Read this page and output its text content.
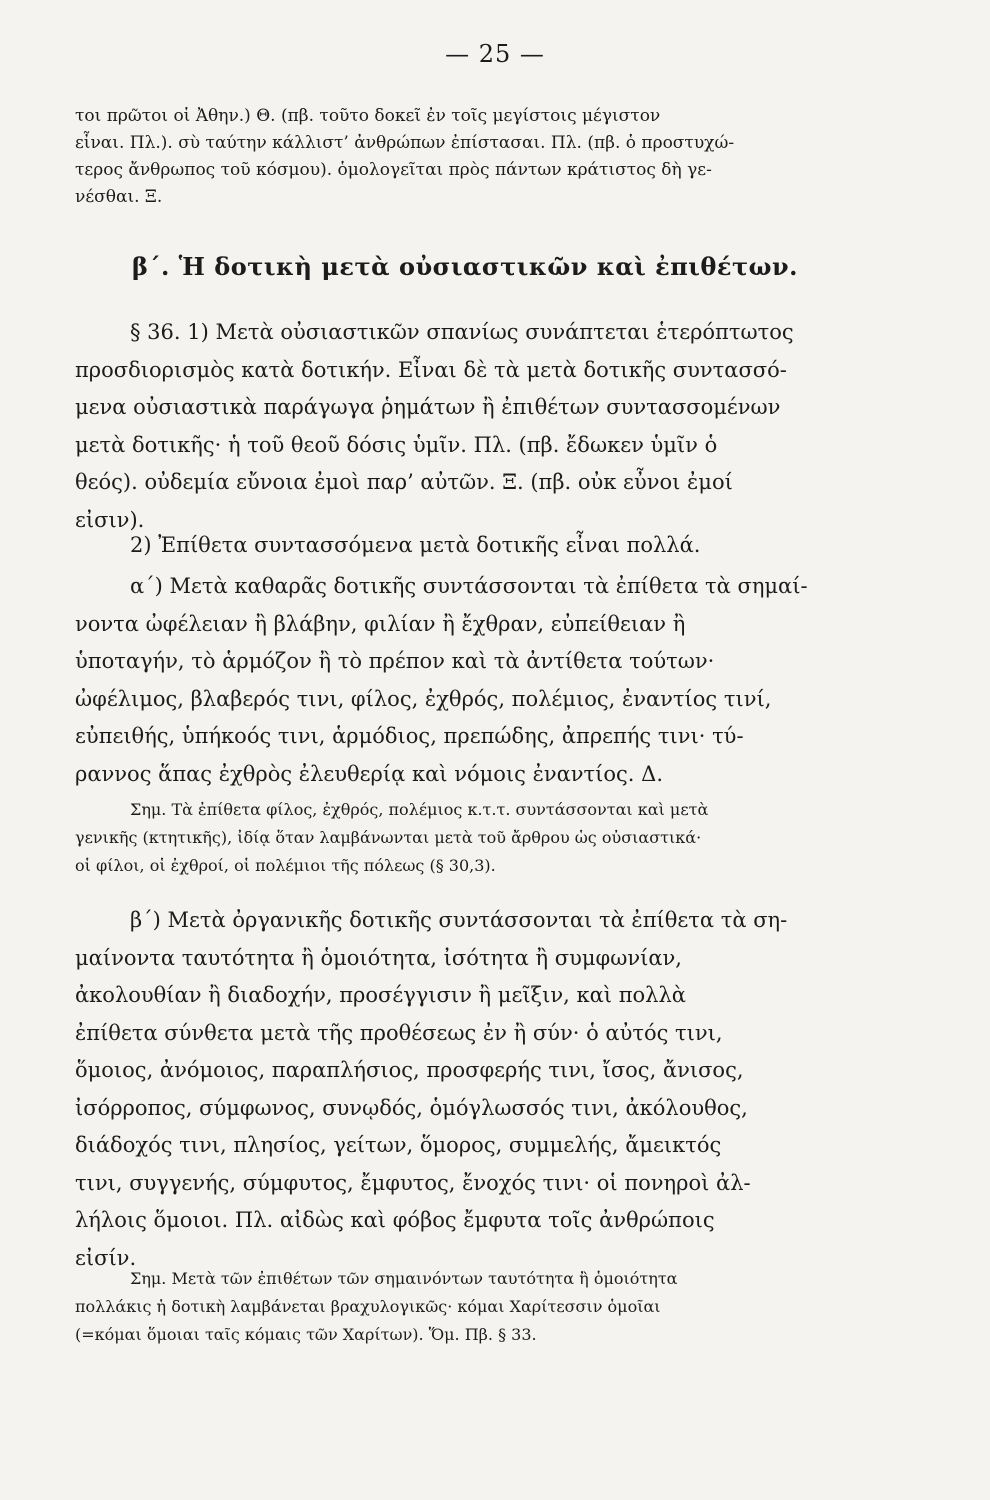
— 25 —

τοι πρῶτοι οἱ Ἀθην.) Θ. (πβ. τοῦτο δοκεῖ ἐν τοῖς μεγίστοις μέγιστον
εἶναι. Πλ.). σὺ ταύτην κάλλιστ’ ἀνθρώπων ἐπίστασαι. Πλ. (πβ. ὁ προστυχώ-
τερος ἄνθρωπος τοῦ κόσμου). ὁμολογεῖται πρὸς πάντων κράτιστος δὴ γε-
νέσθαι. Ξ.

β΄. Ἡ δοτικὴ μετὰ οὐσιαστικῶν καὶ ἐπιθέτων.

§ 36. 1) Μετὰ οὐσιαστικῶν σπανίως συνάπτεται ἑτερόπτωτος
προσδιορισμὸς κατὰ δοτικήν. Εἶναι δὲ τὰ μετὰ δοτικῆς συντασσό-
μενα οὐσιαστικὰ παράγωγα ῥημάτων ἢ ἐπιθέτων συντασσομένων
μετὰ δοτικῆς· ἡ τοῦ θεοῦ δόσις ὑμῖν. Πλ. (πβ. ἔδωκεν ὑμῖν ὁ
θεός). οὐδεμία εὔνοια ἐμοὶ παρ’ αὐτῶν. Ξ. (πβ. οὐκ εὖνοι ἐμοί
εἰσιν).

2) Ἐπίθετα συντασσόμενα μετὰ δοτικῆς εἶναι πολλά.

α΄) Μετὰ καθαρᾶς δοτικῆς συντάσσονται τὰ ἐπίθετα τὰ σημαί-
νοντα ὠφέλειαν ἢ βλάβην, φιλίαν ἢ ἔχθραν, εὐπείθειαν ἢ
ὑποταγήν, τὸ ἁρμόζον ἢ τὸ πρέπον καὶ τὰ ἀντίθετα τούτων·
ὠφέλιμος, βλαβερός τινι, φίλος, ἐχθρός, πολέμιος, ἐναντίος τινί,
εὐπειθής, ὑπήκοός τινι, ἁρμόδιος, πρεπώδης, ἀπρεπής τινι· τύ-
ραννος ἅπας ἐχθρὸς ἐλευθερίᾳ καὶ νόμοις ἐναντίος. Δ.

Σημ. Τὰ ἐπίθετα φίλος, ἐχθρός, πολέμιος κ.τ.τ. συντάσσονται καὶ μετὰ
γενικῆς (κτητικῆς), ἰδίᾳ ὅταν λαμβάνωνται μετὰ τοῦ ἄρθρου ὡς οὐσιαστικά·
οἱ φίλοι, οἱ ἐχθροί, οἱ πολέμιοι τῆς πόλεως (§ 30,3).

β΄) Μετὰ ὀργανικῆς δοτικῆς συντάσσονται τὰ ἐπίθετα τὰ ση-
μαίνοντα ταυτότητα ἢ ὁμοιότητα, ἰσότητα ἢ συμφωνίαν,
ἀκολουθίαν ἢ διαδοχήν, προσέγγισιν ἢ μεῖξιν, καὶ πολλὰ
ἐπίθετα σύνθετα μετὰ τῆς προθέσεως ἐν ἢ σύν· ὁ αὐτός τινι,
ὅμοιος, ἀνόμοιος, παραπλήσιος, προσφερής τινι, ἴσος, ἄνισος,
ἰσόρροπος, σύμφωνος, συνῳδός, ὁμόγλωσσός τινι, ἀκόλουθος,
διάδοχός τινι, πλησίος, γείτων, ὅμορος, συμμελής, ἄμεικτός
τινι, συγγενής, σύμφυτος, ἔμφυτος, ἔνοχός τινι· οἱ πονηροὶ ἀλ-
λήλοις ὅμοιοι. Πλ. αἰδὼς καὶ φόβος ἔμφυτα τοῖς ἀνθρώποις
εἰσίν.

Σημ. Μετὰ τῶν ἐπιθέτων τῶν σημαινόντων ταυτότητα ἢ ὁμοιότητα
πολλάκις ἡ δοτικὴ λαμβάνεται βραχυλογικῶς· κόμαι Χαρίτεσσιν ὁμοῖαι
(=κόμαι ὅμοιαι ταῖς κόμαις τῶν Χαρίτων). Ὅμ. Πβ. § 33.
